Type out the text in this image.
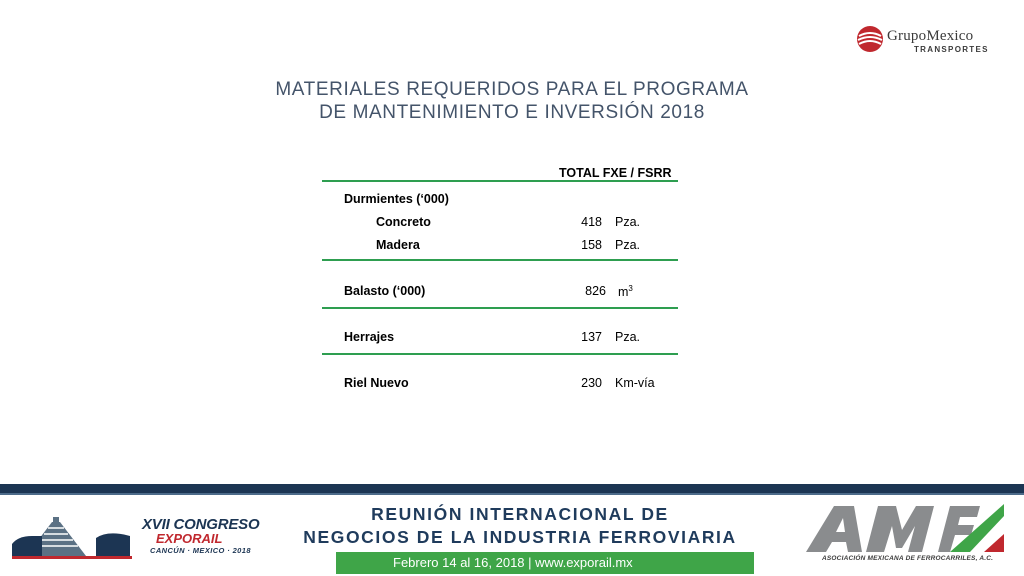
GrupoMexico
TRANSPORTES
MATERIALES REQUERIDOS PARA EL PROGRAMA
DE MANTENIMIENTO E INVERSIÓN 2018
TOTAL FXE / FSRR
Durmientes (‘000)
Concreto	418 Pza.
Madera	158 Pza.
Balasto (‘000)	826 $m^3$
Herrajes	137 Pza.
Riel Nuevo	230 Km-vía
XVII CONGRESO
EXPORAIL
CANCÚN · MEXICO · 2018
REUNIÓN INTERNACIONAL DE
NEGOCIOS DE LA INDUSTRIA FERROVIARIA
Febrero 14 al 16, 2018 | www.exporail.mx	ASOCIACIÓN MEXICANA DE FERROCARRILES, A.C.
